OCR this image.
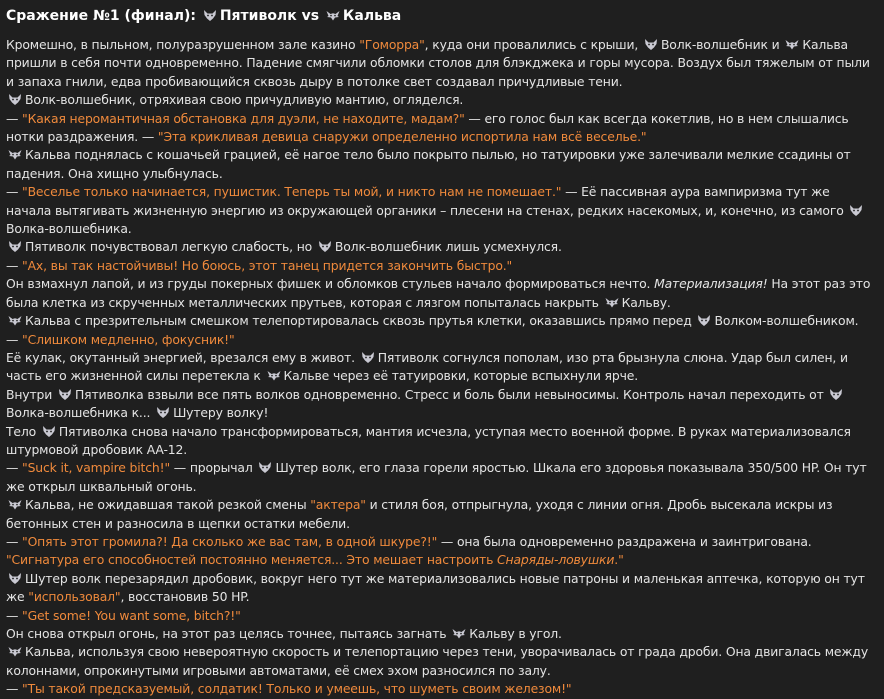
Сражение №1 (финал):
Пятиволк vs
Кальва

Кромешно, в пыльном, полуразрушенном зале казино "Гоморра", куда они провалились с крыши,
Волк-волшебник и
Кальва пришли в себя почти одновременно. Падение смягчили обломки столов для блэкджека и горы мусора. Воздух был тяжелым от пыли и запаха гнили, едва пробивающийся сквозь дыру в потолке свет создавал причудливые тени.

Волк-волшебник, отряхивая свою причудливую мантию, огляделся.

— "Какая неромантичная обстановка для дуэли, не находите, мадам?" — его голос был как всегда кокетлив, но в нем слышались нотки раздражения. — "Эта крикливая девица снаружи определенно испортила нам всё веселье."

Кальва поднялась с кошачьей грацией, её нагое тело было покрыто пылью, но татуировки уже залечивали мелкие ссадины от падения. Она хищно улыбнулась.

— "Веселье только начинается, пушистик. Теперь ты мой, и никто нам не помешает." — Её пассивная аура вампиризма тут же начала вытягивать жизненную энергию из окружающей органики – плесени на стенах, редких насекомых, и, конечно, из самого
Волка-волшебника.

Пятиволк почувствовал легкую слабость, но
Волк-волшебник лишь усмехнулся.

— "Ах, вы так настойчивы! Но боюсь, этот танец придется закончить быстро."

Он взмахнул лапой, и из груды покерных фишек и обломков стульев начало формироваться нечто. Материализация! На этот раз это была клетка из скрученных металлических прутьев, которая с лязгом попыталась накрыть
Кальву.

Кальва с презрительным смешком телепортировалась сквозь прутья клетки, оказавшись прямо перед
Волком-волшебником.

— "Слишком медленно, фокусник!"

Её кулак, окутанный энергией, врезался ему в живот.
Пятиволк согнулся пополам, изо рта брызнула слюна. Удар был силен, и часть его жизненной силы перетекла к
Кальве через её татуировки, которые вспыхнули ярче.

Внутри
Пятиволка взвыли все пять волков одновременно. Стресс и боль были невыносимы. Контроль начал переходить от
Волка-волшебника к...
Шутеру волку!

Тело
Пятиволка снова начало трансформироваться, мантия исчезла, уступая место военной форме. В руках материализовался штурмовой дробовик AA-12.

— "Suck it, vampire bitch!" — прорычал
Шутер волк, его глаза горели яростью. Шкала его здоровья показывала 350/500 HP. Он тут же открыл шквальный огонь.

Кальва, не ожидавшая такой резкой смены "актера" и стиля боя, отпрыгнула, уходя с линии огня. Дробь высекала искры из бетонных стен и разносила в щепки остатки мебели.

— "Опять этот громила?! Да сколько же вас там, в одной шкуре?!" — она была одновременно раздражена и заинтригована. "Сигнатура его способностей постоянно меняется... Это мешает настроить Снаряды-ловушки."

Шутер волк перезарядил дробовик, вокруг него тут же материализовались новые патроны и маленькая аптечка, которую он тут же "использовал", восстановив 50 HP.

— "Get some! You want some, bitch?!"

Он снова открыл огонь, на этот раз целясь точнее, пытаясь загнать
Кальву в угол.

Кальва, используя свою невероятную скорость и телепортацию через тени, уворачивалась от града дроби. Она двигалась между колоннами, опрокинутыми игровыми автоматами, её смех эхом разносился по залу.

— "Ты такой предсказуемый, солдатик! Только и умеешь, что шуметь своим железом!"
